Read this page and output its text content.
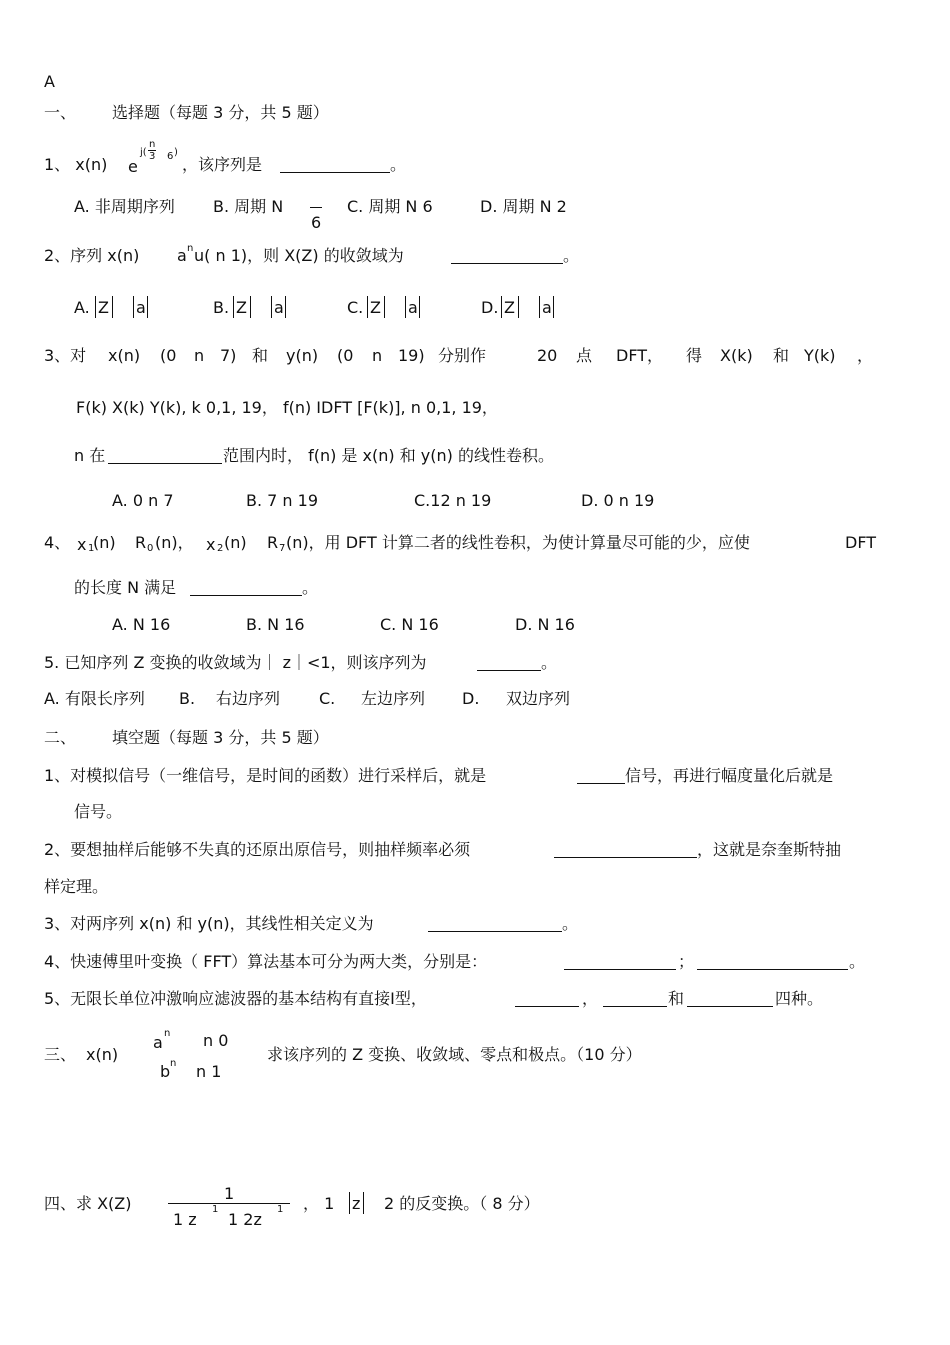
A
一、 选择题（每题 3 分，共 5 题）
1、 x(n) e
j(
n
3 6 )
，该序列是	。
A. 非周期序列 B. 周期 N
6
C. 周期 N 6	D. 周期 N 2
2、序列 x(n) a n u( n 1)，则 X(Z) 的收敛域为	。
A. Z a	B. Z a	C. Z a	D. Z a
3、对 x(n) (0 n 7) 和 y(n) (0 n 19) 分别作	20 点 DFT， 得 X(k) 和 Y(k) ，
F(k) X(k) Y(k), k 0,1, 19， f(n) IDFT [F(k)], n 0,1, 19，
n 在	范围内时， f(n) 是 x(n) 和 y(n) 的线性卷积。
A. 0 n 7	B. 7 n 19	C.12 n 19	D. 0 n 19
4、 x 1
(n) R 0 (n)， x 2 (n) R 7 (n)，用 DFT 计算二者的线性卷积，为使计算量尽可能的少，应使	DFT
的长度 N 满足	。
A. N 16	B. N 16	C. N 16	D. N 16
5. 已知序列 Z 变换的收敛域为｜ z｜<1，则该序列为	。
A. 有限长序列 B. 右边序列 C. 左边序列 D. 双边序列
二、 填空题（每题 3 分，共 5 题）
1、对模拟信号（一维信号，是时间的函数）进行采样后，就是	信号，再进行幅度量化后就是
信号。
2、要想抽样后能够不失真的还原出原信号，则抽样频率必须	，这就是奈奎斯特抽
样定理。
3、对两序列 x(n) 和 y(n)，其线性相关定义为	。
4、快速傅里叶变换（ FFT）算法基本可分为两大类，分别是：	；	。
5、无限长单位冲激响应滤波器的基本结构有直接Ⅰ型，	，	和	四种。
三、 x(n)
a n n 0
b n n 1
求该序列的 Z 变换、收敛域、零点和极点。（10 分）
四、求 X(Z)
1
1 z
1
1 2z
1 ， 1 z 2 的反变换。（ 8 分）
